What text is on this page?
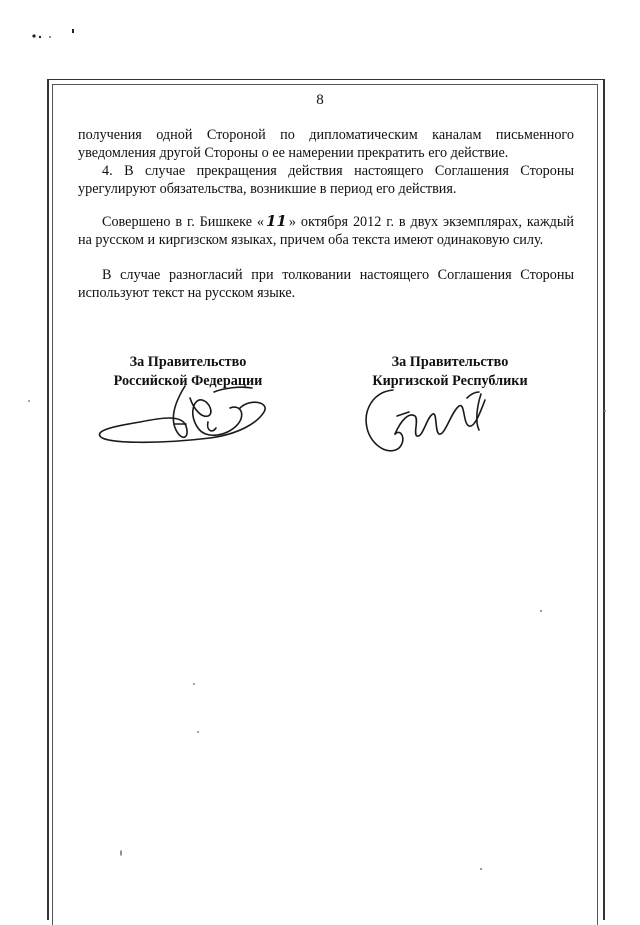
8
получения одной Стороной по дипломатическим каналам письменного
уведомления другой Стороны о ее намерении прекратить его действие.
4. В случае прекращения действия настоящего Соглашения Стороны урегулируют обязательства, возникшие в период его действия.
Совершено в г. Бишкеке « 11 » октября 2012 г. в двух экземплярах, каждый на русском и киргизском языках, причем оба текста имеют одинаковую силу.
В случае разногласий при толковании настоящего Соглашения Стороны используют текст на русском языке.
За Правительство
Российской Федерации
За Правительство
Киргизской Республики
